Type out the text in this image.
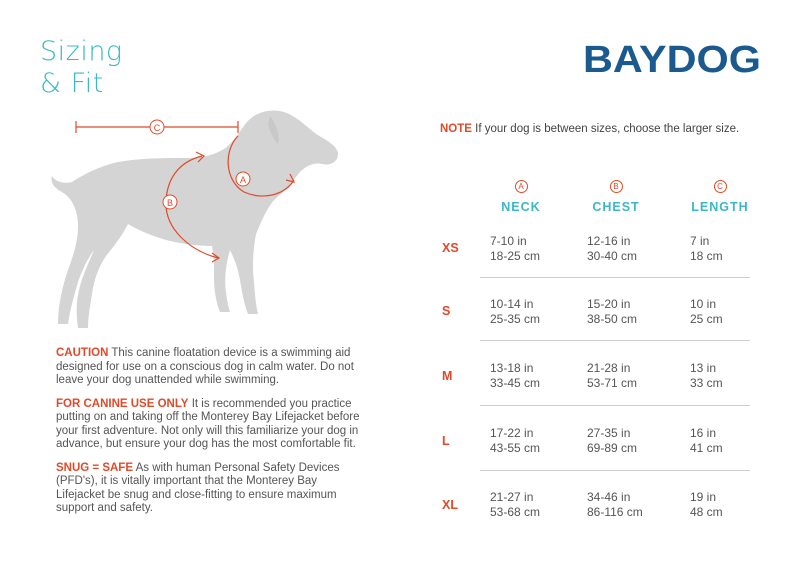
Sizing
& Fit
BAYDOG
C
A
B

CAUTION This canine floatation device is a swimming aid designed for use on a conscious dog in calm water. Do not leave your dog unattended while swimming.

FOR CANINE USE ONLY It is recommended you practice putting on and taking off the Monterey Bay Lifejacket before your first adventure. Not only will this familiarize your dog in advance, but ensure your dog has the most comfortable fit.

SNUG = SAFE As with human Personal Safety Devices (PFD's), it is vitally important that the Monterey Bay Lifejacket be snug and close-fitting to ensure maximum support and safety.

NOTE If your dog is between sizes, choose the larger size.
A
NECK
B
CHEST
C
LENGTH
XS	7-10 in
18-25 cm
12-16 in
30-40 cm
7 in
18 cm
S	10-14 in
25-35 cm
15-20 in
38-50 cm
10 in
25 cm
M
13-18 in
33-45 cm
21-28 in
53-71 cm
13 in
33 cm
L
17-22 in
43-55 cm
27-35 in
69-89 cm
16 in
41 cm
XL
21-27 in
53-68 cm
34-46 in
86-116 cm
19 in
48 cm
